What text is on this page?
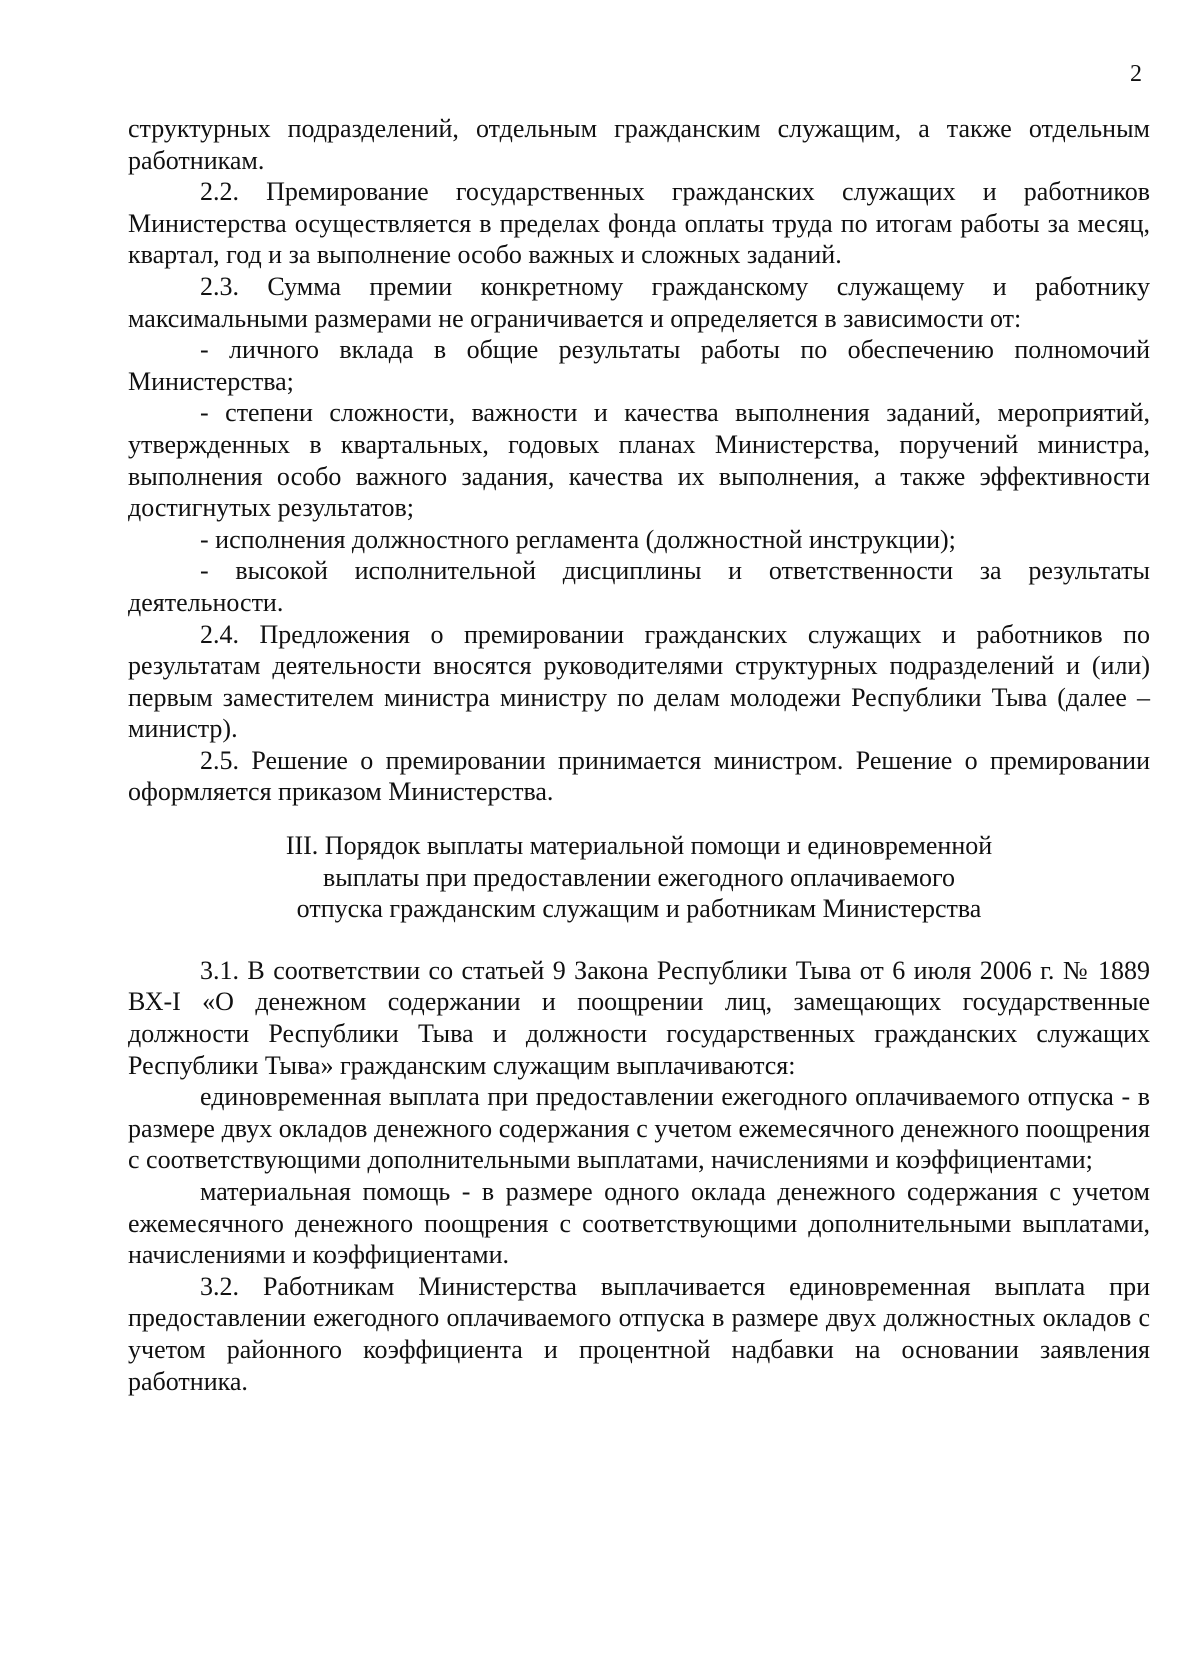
2

структурных подразделений, отдельным гражданским служащим, а также отдельным работникам.

2.2. Премирование государственных гражданских служащих и работников Министерства осуществляется в пределах фонда оплаты труда по итогам работы за месяц, квартал, год и за выполнение особо важных и сложных заданий.

2.3. Сумма премии конкретному гражданскому служащему и работнику максимальными размерами не ограничивается и определяется в зависимости от:

- личного вклада в общие результаты работы по обеспечению полномочий Министерства;

- степени сложности, важности и качества выполнения заданий, мероприятий, утвержденных в квартальных, годовых планах Министерства, поручений министра, выполнения особо важного задания, качества их выполнения, а также эффективности достигнутых результатов;

- исполнения должностного регламента (должностной инструкции);

- высокой исполнительной дисциплины и ответственности за результаты деятельности.

2.4. Предложения о премировании гражданских служащих и работников по результатам деятельности вносятся руководителями структурных подразделений и (или) первым заместителем министра министру по делам молодежи Республики Тыва (далее – министр).

2.5. Решение о премировании принимается министром. Решение о премировании оформляется приказом Министерства.

III. Порядок выплаты материальной помощи и единовременной
выплаты при предоставлении ежегодного оплачиваемого
отпуска гражданским служащим и работникам Министерства

3.1. В соответствии со статьей 9 Закона Республики Тыва от 6 июля 2006 г. № 1889 ВХ-I «О денежном содержании и поощрении лиц, замещающих государственные должности Республики Тыва и должности государственных гражданских служащих Республики Тыва» гражданским служащим выплачиваются:

единовременная выплата при предоставлении ежегодного оплачиваемого отпуска - в размере двух окладов денежного содержания с учетом ежемесячного денежного поощрения с соответствующими дополнительными выплатами, начислениями и коэффициентами;

материальная помощь - в размере одного оклада денежного содержания с учетом ежемесячного денежного поощрения с соответствующими дополнительными выплатами, начислениями и коэффициентами.

3.2. Работникам Министерства выплачивается единовременная выплата при предоставлении ежегодного оплачиваемого отпуска в размере двух должностных окладов с учетом районного коэффициента и процентной надбавки на основании заявления работника.
